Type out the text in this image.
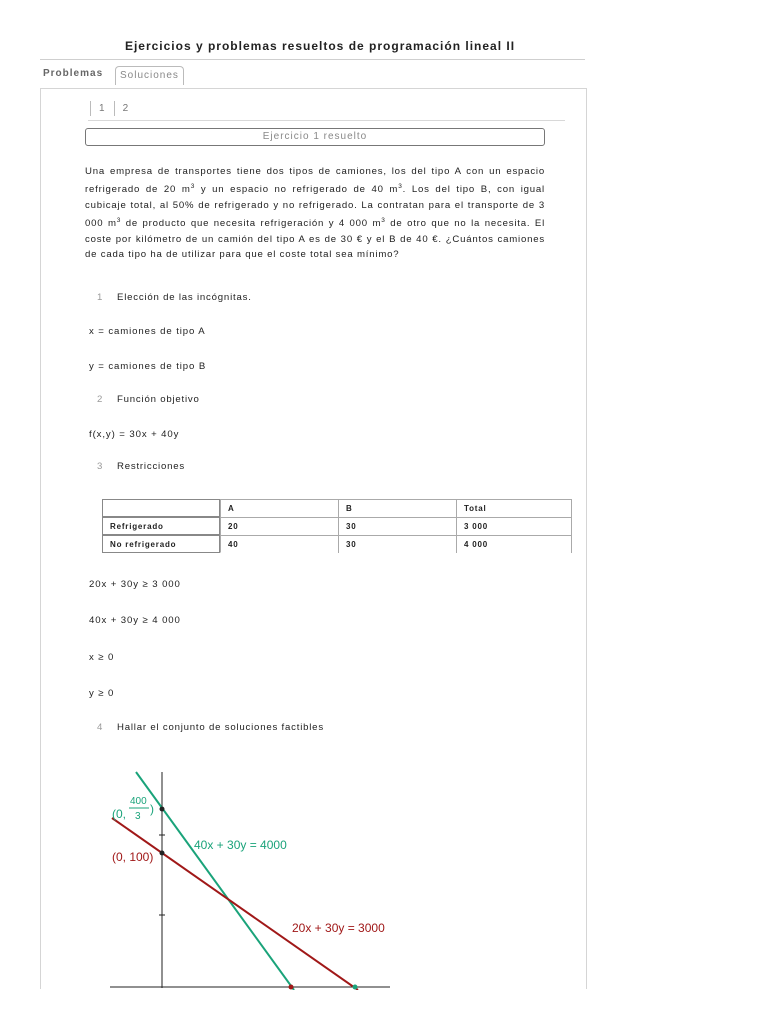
Ejercicios y problemas resueltos de programación lineal II
Problemas	Soluciones
1 2
Ejercicio 1 resuelto
Una empresa de transportes tiene dos tipos de camiones, los del tipo A con un espacio refrigerado de 20 $m^3$ y un espacio no refrigerado de 40 $m^3$. Los del tipo B, con igual cubicaje total, al 50% de refrigerado y no refrigerado. La contratan para el transporte de 3 000 $m^3$ de producto que necesita refrigeración y 4 000 $m^3$ de otro que no la necesita. El coste por kilómetro de un camión del tipo A es de 30 € y el B de 40 €. ¿Cuántos camiones de cada tipo ha de utilizar para que el coste total sea mínimo?
1 Elección de las incógnitas.
x = camiones de tipo A
y = camiones de tipo B
2 Función objetivo
f(x,y) = 30x + 40y
3 Restricciones
	A	B	Total
Refrigerado	20	30	3 000
No refrigerado	40	30	4 000
20x + 30y ≥ 3 000
40x + 30y ≥ 4 000
x ≥ 0
y ≥ 0
4 Hallar el conjunto de soluciones factibles
(0,
400
3
)
(0, 100)
40x + 30y = 4000
20x + 30y = 3000
